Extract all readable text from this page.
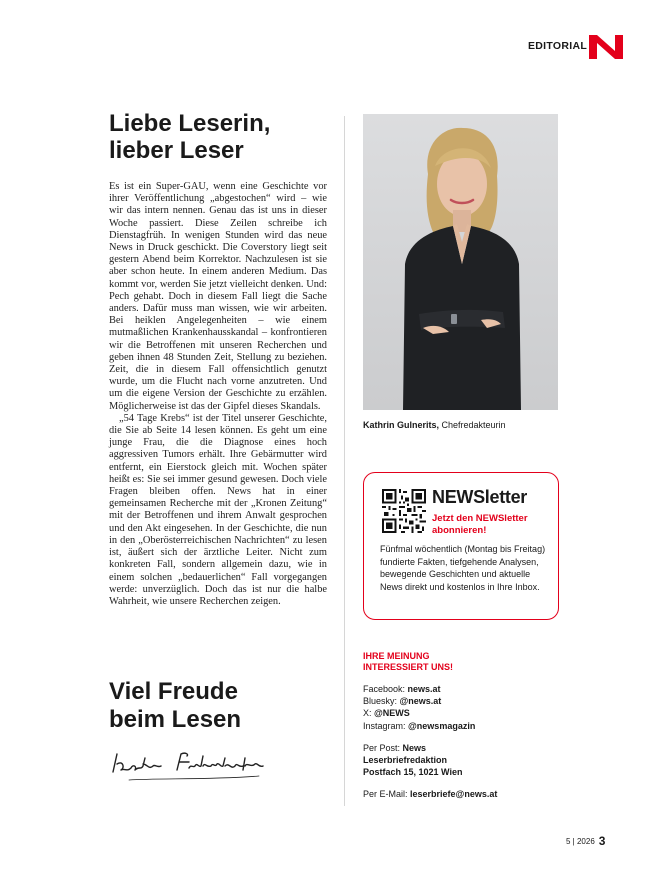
EDITORIAL
Liebe Leserin,
lieber Leser

Es ist ein Super-GAU, wenn eine Geschichte vor ihrer Veröffentlichung „abgestochen“ wird – wie wir das intern nennen. Genau das ist uns in dieser Woche passiert. Diese Zeilen schreibe ich Dienstagfrüh. In wenigen Stunden wird das neue News in Druck geschickt. Die Coverstory liegt seit gestern Abend beim Korrektor. Nachzulesen ist sie aber schon heute. In einem anderen Medium. Das kommt vor, werden Sie jetzt vielleicht denken. Und: Pech gehabt. Doch in diesem Fall liegt die Sache anders. Dafür muss man wissen, wie wir arbeiten. Bei heiklen Angelegenheiten – wie einem mutmaßlichen Krankenhausskandal – konfrontieren wir die Betroffenen mit unseren Recherchen und geben ihnen 48 Stunden Zeit, Stellung zu beziehen. Zeit, die in diesem Fall offensichtlich genutzt wurde, um die Flucht nach vorne anzutreten. Und um die eigene Version der Geschichte zu erzählen. Möglicherweise ist das der Gipfel dieses Skandals.

„54 Tage Krebs“ ist der Titel unserer Geschichte, die Sie ab Seite 14 lesen können. Es geht um eine junge Frau, die die Diagnose eines hoch aggressiven Tumors erhält. Ihre Gebärmutter wird entfernt, ein Eierstock gleich mit. Wochen später heißt es: Sie sei immer gesund gewesen. Doch viele Fragen bleiben offen. News hat in einer gemeinsamen Recherche mit der „Kronen Zeitung“ mit der Betroffenen und ihrem Anwalt gesprochen und den Akt eingesehen. In der Geschichte, die nun in den „Oberösterreichischen Nachrichten“ zu lesen ist, äußert sich der ärztliche Leiter. Nicht zum konkreten Fall, sondern allgemein dazu, wie in einem solchen „bedauerlichen“ Fall vorgegangen werde: unverzüglich. Doch das ist nur die halbe Wahrheit, wie unsere Recherchen zeigen.

Viel Freude
beim Lesen
Kathrin Gulnerits, Chefredakteurin
NEWSletter
Jetzt den NEWSletter abonnieren!
Fünfmal wöchentlich (Montag bis Freitag) fundierte Fakten, tiefgehende Analysen, bewegende Geschichten und aktuelle News direkt und kostenlos in Ihre Inbox.
IHRE MEINUNG
INTERESSIERT UNS!
Facebook: news.at
Bluesky: @news.at
X: @NEWS
Instagram: @newsmagazin
Per Post: News
Leserbriefredaktion
Postfach 15, 1021 Wien
Per E-Mail: leserbriefe@news.at
5 | 2026 3
